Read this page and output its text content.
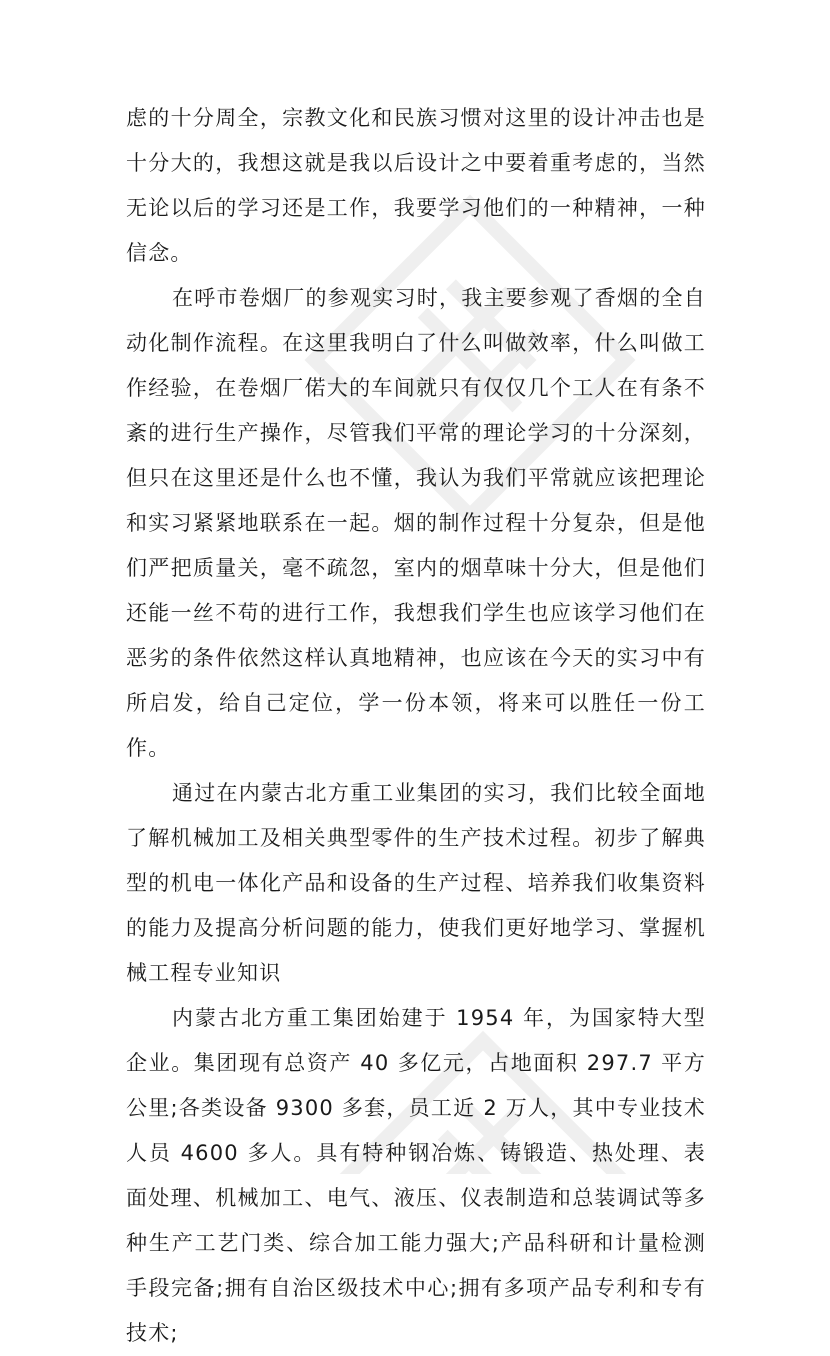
虑的十分周全，宗教文化和民族习惯对这里的设计冲击也是十分大的，我想这就是我以后设计之中要着重考虑的，当然无论以后的学习还是工作，我要学习他们的一种精神，一种信念。

在呼市卷烟厂的参观实习时，我主要参观了香烟的全自动化制作流程。在这里我明白了什么叫做效率，什么叫做工作经验，在卷烟厂偌大的车间就只有仅仅几个工人在有条不紊的进行生产操作，尽管我们平常的理论学习的十分深刻，但只在这里还是什么也不懂，我认为我们平常就应该把理论和实习紧紧地联系在一起。烟的制作过程十分复杂，但是他们严把质量关，毫不疏忽，室内的烟草味十分大，但是他们还能一丝不苟的进行工作，我想我们学生也应该学习他们在恶劣的条件依然这样认真地精神，也应该在今天的实习中有所启发，给自己定位，学一份本领，将来可以胜任一份工作。

通过在内蒙古北方重工业集团的实习，我们比较全面地了解机械加工及相关典型零件的生产技术过程。初步了解典型的机电一体化产品和设备的生产过程、培养我们收集资料的能力及提高分析问题的能力，使我们更好地学习、掌握机械工程专业知识

内蒙古北方重工集团始建于 1954 年，为国家特大型企业。集团现有总资产 40 多亿元，占地面积 297.7 平方公里;各类设备 9300 多套，员工近 2 万人，其中专业技术人员 4600 多人。具有特种钢冶炼、铸锻造、热处理、表面处理、机械加工、电气、液压、仪表制造和总装调试等多种生产工艺门类、综合加工能力强大;产品科研和计量检测手段完备;拥有自治区级技术中心;拥有多项产品专利和专有技术;
